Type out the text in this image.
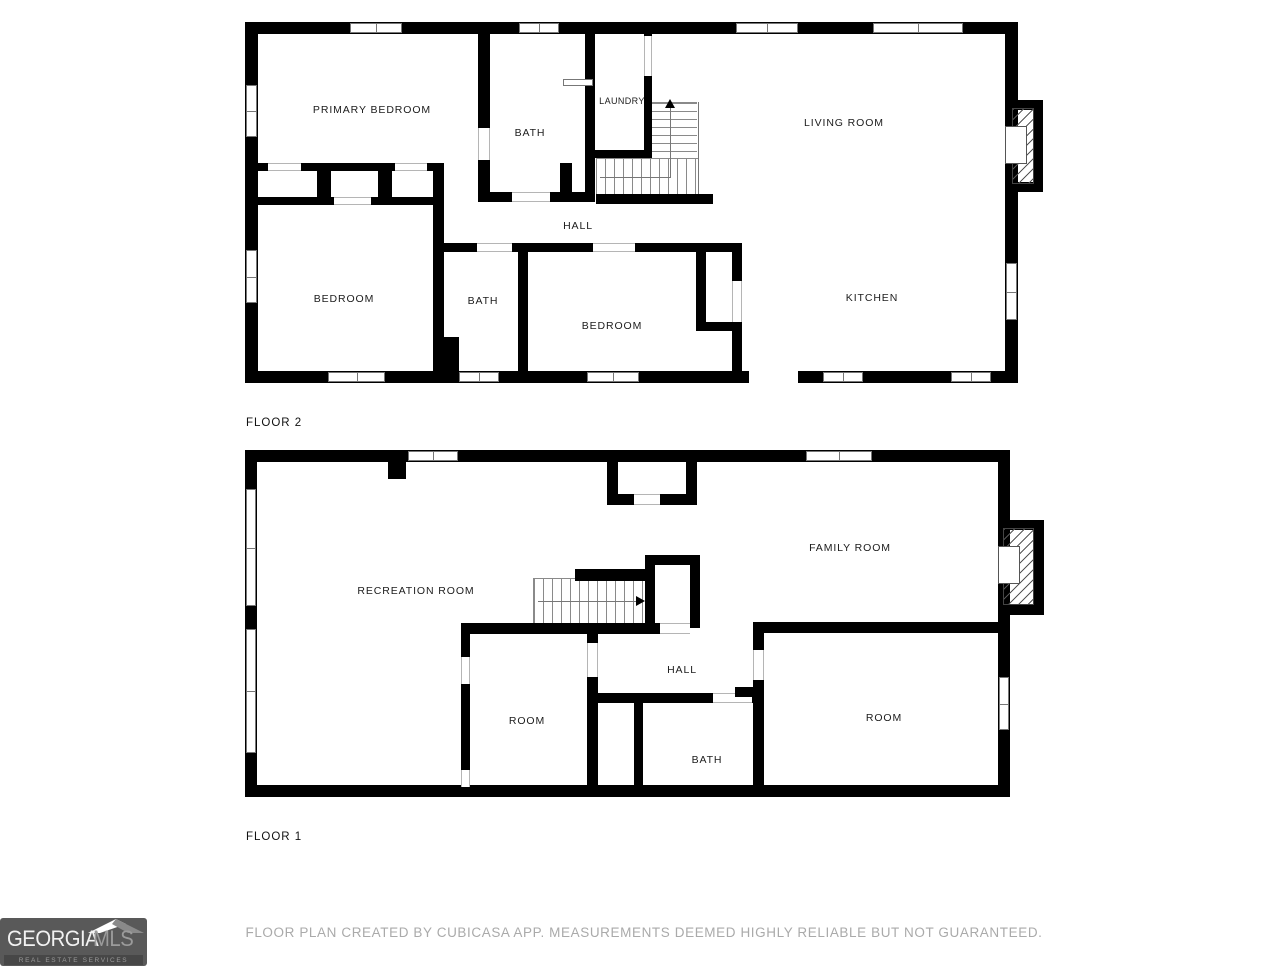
PRIMARY BEDROOM
BATH
LAUNDRY
LIVING ROOM
HALL
BEDROOM	BATH
BEDROOM
KITCHEN
FLOOR 2
RECREATION ROOM
FAMILY ROOM
HALL
ROOM
BATH
ROOM
FLOOR 1
FLOOR PLAN CREATED BY CUBICASA APP. MEASUREMENTS DEEMED HIGHLY RELIABLE BUT NOT GUARANTEED.
GEORGIA
MLS
REAL ESTATE SERVICES
